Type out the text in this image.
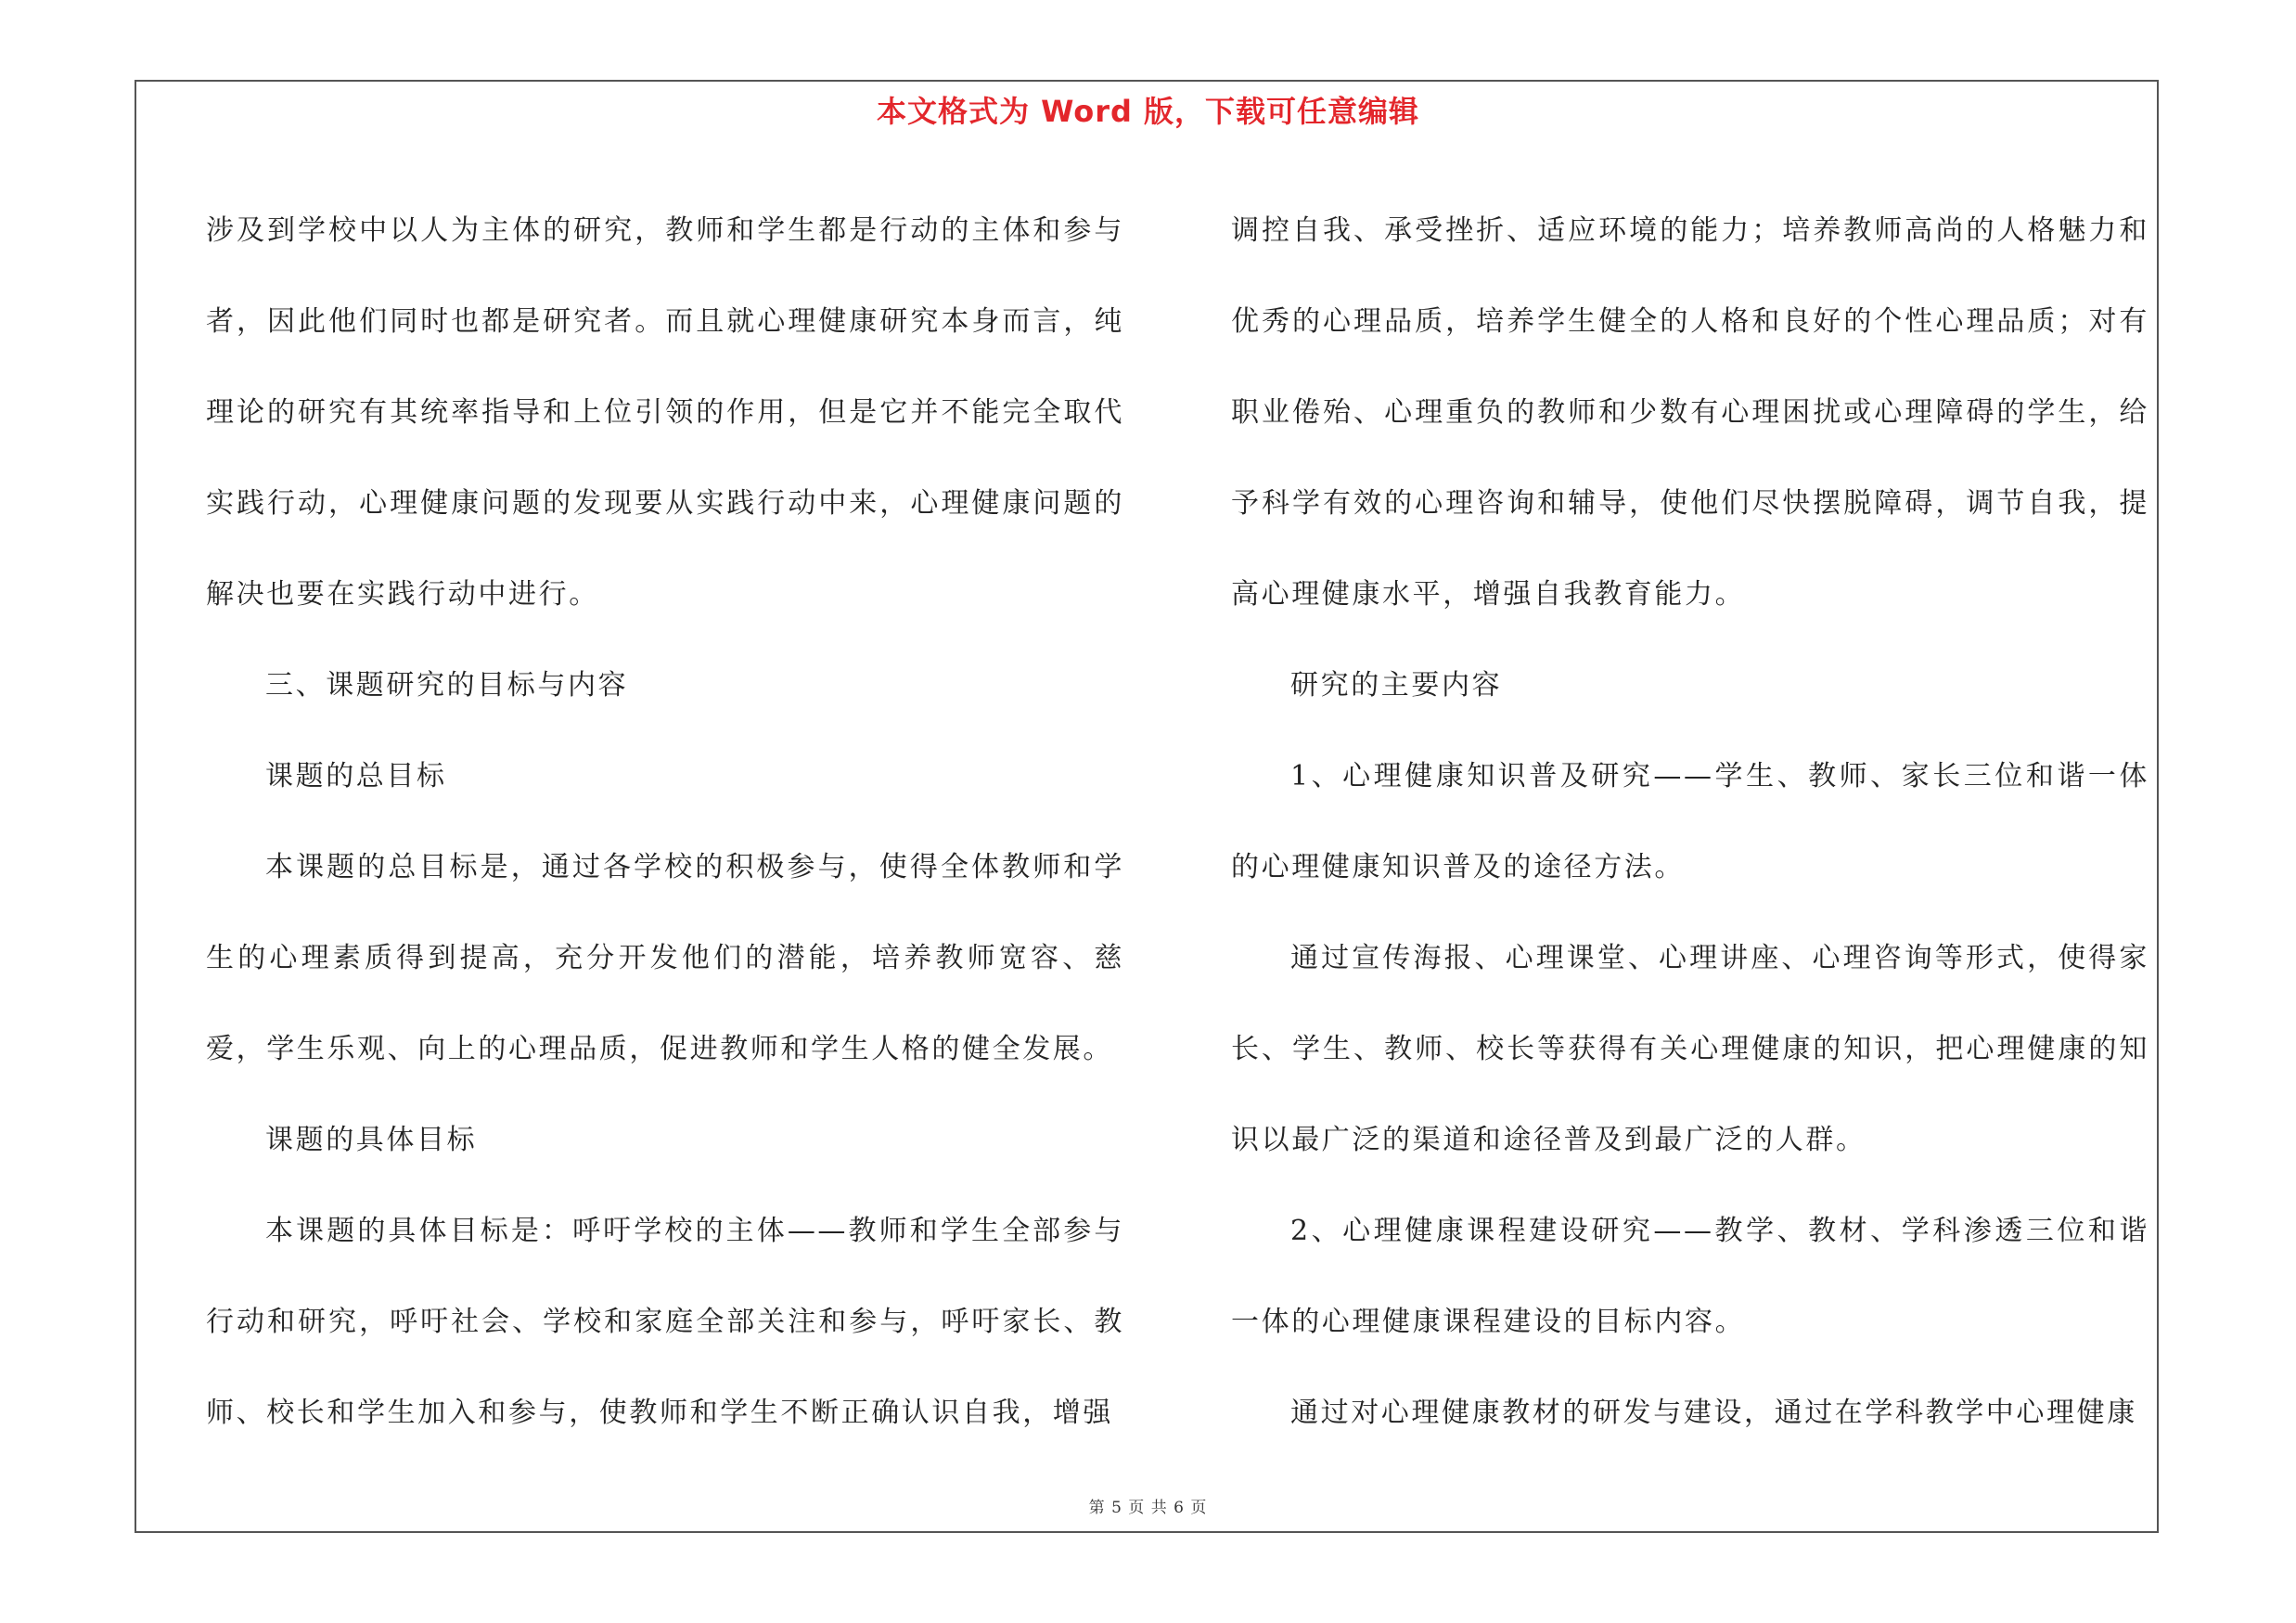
本文格式为 Word 版，下载可任意编辑

涉及到学校中以人为主体的研究，教师和学生都是行动的主体和参与者，因此他们同时也都是研究者。而且就心理健康研究本身而言，纯理论的研究有其统率指导和上位引领的作用，但是它并不能完全取代实践行动，心理健康问题的发现要从实践行动中来，心理健康问题的解决也要在实践行动中进行。

三、课题研究的目标与内容

课题的总目标

本课题的总目标是，通过各学校的积极参与，使得全体教师和学生的心理素质得到提高，充分开发他们的潜能，培养教师宽容、慈爱，学生乐观、向上的心理品质，促进教师和学生人格的健全发展。

课题的具体目标

本课题的具体目标是：呼吁学校的主体——教师和学生全部参与行动和研究，呼吁社会、学校和家庭全部关注和参与，呼吁家长、教师、校长和学生加入和参与，使教师和学生不断正确认识自我，增强

调控自我、承受挫折、适应环境的能力；培养教师高尚的人格魅力和优秀的心理品质，培养学生健全的人格和良好的个性心理品质；对有职业倦殆、心理重负的教师和少数有心理困扰或心理障碍的学生，给予科学有效的心理咨询和辅导，使他们尽快摆脱障碍，调节自我，提高心理健康水平，增强自我教育能力。

研究的主要内容

1、心理健康知识普及研究——学生、教师、家长三位和谐一体的心理健康知识普及的途径方法。

通过宣传海报、心理课堂、心理讲座、心理咨询等形式，使得家长、学生、教师、校长等获得有关心理健康的知识，把心理健康的知识以最广泛的渠道和途径普及到最广泛的人群。

2、心理健康课程建设研究——教学、教材、学科渗透三位和谐一体的心理健康课程建设的目标内容。

通过对心理健康教材的研发与建设，通过在学科教学中心理健康

第 5 页 共 6 页
